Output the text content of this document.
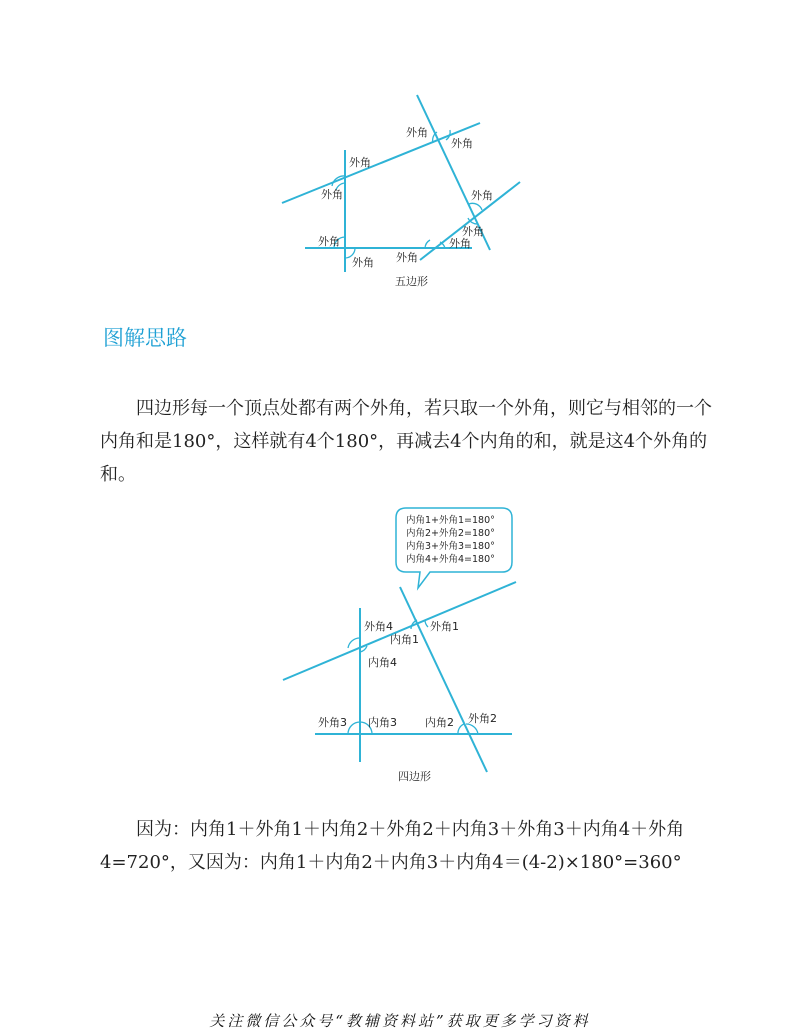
外角
外角
外角
外角	外角
外角
外角	外角
外角
外角
五边形
图解思路

四边形每一个顶点处都有两个外角，若只取一个外角，则它与相邻的一个内角和是180°，这样就有4个180°，再减去4个内角的和，就是这4个外角的和。

内角1+外角1=180°
内角2+外角2=180°
内角3+外角3=180°
内角4+外角4=180°
外角4
内角1
外角1
内角4
外角3 内角3	内角2 外角2
四边形

因为：内角1＋外角1＋内角2＋外角2＋内角3＋外角3＋内角4＋外角4=720°，又因为：内角1＋内角2＋内角3＋内角4＝(4-2)×180°=360°

关注微信公众号“教辅资料站”获取更多学习资料
